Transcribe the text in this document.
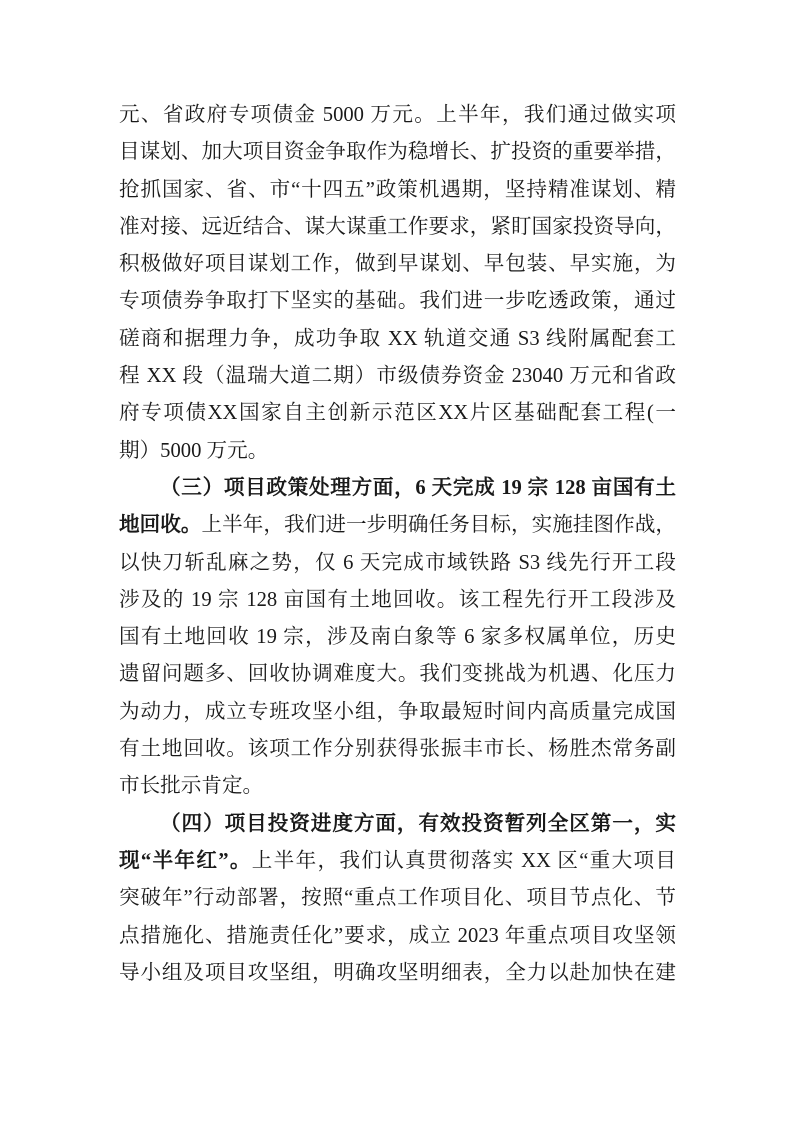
元、省政府专项债金 5000 万元。上半年，我们通过做实项
目谋划、加大项目资金争取作为稳增长、扩投资的重要举措，
抢抓国家、省、市“十四五”政策机遇期，坚持精准谋划、精
准对接、远近结合、谋大谋重工作要求，紧盯国家投资导向，
积极做好项目谋划工作，做到早谋划、早包装、早实施，为
专项债券争取打下坚实的基础。我们进一步吃透政策，通过
磋商和据理力争，成功争取 XX 轨道交通 S3 线附属配套工
程 XX 段（温瑞大道二期）市级债券资金 23040 万元和省政
府专项债XX国家自主创新示范区XX片区基础配套工程(一
期）5000 万元。
（三）项目政策处理方面，6 天完成 19 宗 128 亩国有土
地回收。上半年，我们进一步明确任务目标，实施挂图作战，
以快刀斩乱麻之势，仅 6 天完成市域铁路 S3 线先行开工段
涉及的 19 宗 128 亩国有土地回收。该工程先行开工段涉及
国有土地回收 19 宗，涉及南白象等 6 家多权属单位，历史
遗留问题多、回收协调难度大。我们变挑战为机遇、化压力
为动力，成立专班攻坚小组，争取最短时间内高质量完成国
有土地回收。该项工作分别获得张振丰市长、杨胜杰常务副
市长批示肯定。
（四）项目投资进度方面，有效投资暂列全区第一，实
现“半年红”。上半年，我们认真贯彻落实 XX 区“重大项目
突破年”行动部署，按照“重点工作项目化、项目节点化、节
点措施化、措施责任化”要求，成立 2023 年重点项目攻坚领
导小组及项目攻坚组，明确攻坚明细表，全力以赴加快在建
